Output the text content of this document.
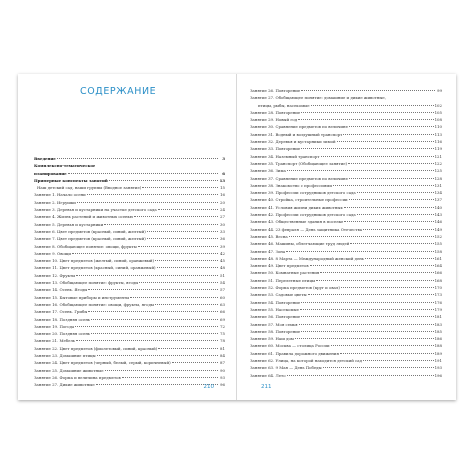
СОДЕРЖАНИЕ
Введение	3
Комплексно-тематическое
планирование	6
Примерные конспекты занятий	13
Наш детский сад, наши группы (Вводное занятие)	15
Занятие 1. Начало осени	16
Занятие 2. Игрушки	20
Занятие 3. Деревья и кустарники на участке детского сада	24
Занятие 4. Жизнь растений и животных осенью	27
Занятие 5. Деревья и кустарники	30
Занятие 6. Цвет предметов (красный, синий, желтый)	33
Занятие 7. Цвет предметов (красный, синий, желтый)	36
Занятие 8. Обобщающее понятие: овощи, фрукты	39
Занятие 9. Овощи	42
Занятие 10. Цвет предметов (желтый, синий, оранжевый)	45
Занятие 11. Цвет предметов (красный, синий, оранжевый)	48
Занятие 12. Фрукты	51
Занятие 13. Обобщающее понятие: фрукты, ягоды	54
Занятие 14. Осень. Ягоды	57
Занятие 15. Бытовые приборы и инструменты	60
Занятие 16. Обобщающее понятие: овощи, фрукты, ягоды	63
Занятие 17. Осень. Грибы	66
Занятие 18. Поздняя осень	69
Занятие 19. Погода	72
Занятие 20. Поздняя осень	75
Занятие 21. Мебель	78
Занятие 22. Цвет предметов (фиолетовый, синий, красный)	81
Занятие 23. Домашние птицы	84
Занятие 24. Цвет предметов (черный, белый, серый, коричневый)	87
Занятие 25. Домашние животные	90
Занятие 26. Форма и величина предметов	93
Занятие 27. Дикие животные	96
210
Занятие 26. Повторение	99
Занятие 27. Обобщающее понятие: домашние и дикие животные,
птицы, рыбы, насекомые	102
Занятие 28. Повторение	105
Занятие 29. Новый год	108
Занятие 30. Сравнение предметов по величине	110
Занятие 31. Водный и воздушный транспорт	113
Занятие 32. Деревья и кустарники зимой	116
Занятие 33. Повторение	119
Занятие 34. Наземный транспорт	121
Занятие 35. Транспорт (Обобщающее занятие)	122
Занятие 36. Зима	125
Занятие 37. Сравнение предметов по величине	128
Занятие 38. Знакомство с профессиями	131
Занятие 39. Профессии сотрудников детского сада	134
Занятие 40. Стройка, строительные профессии	137
Занятие 41. Условия жизни диких животных	140
Занятие 42. Профессии сотрудников детского сада	143
Занятие 43. Общественные здания в поселке	146
Занятие 44. 23 февраля — День защитника Отечества	149
Занятие 45. Весна	152
Занятие 46. Машины, облегчающие труд людей	155
Занятие 47. Зона	158
Занятие 48. 8 Марта — Международный женский день	161
Занятие 49. Цвет предметов	164
Занятие 50. Комнатные растения	166
Занятие 51. Перелетные птицы	168
Занятие 52. Форма предметов (круг и овал)	170
Занятие 53. Садовые цветы	173
Занятие 54. Повторение	176
Занятие 55. Насекомые	179
Занятие 56. Повторение	181
Занятие 57. Моя семья	183
Занятие 58. Повторение	185
Занятие 59. Наш дом	186
Занятие 60. Москва — столица России	188
Занятие 61. Правила дорожного движения	189
Занятие 62. Улица, на которой находится детский сад	191
Занятие 63. 9 Мая — День Победы	193
Занятие 64. Лето	196
211
